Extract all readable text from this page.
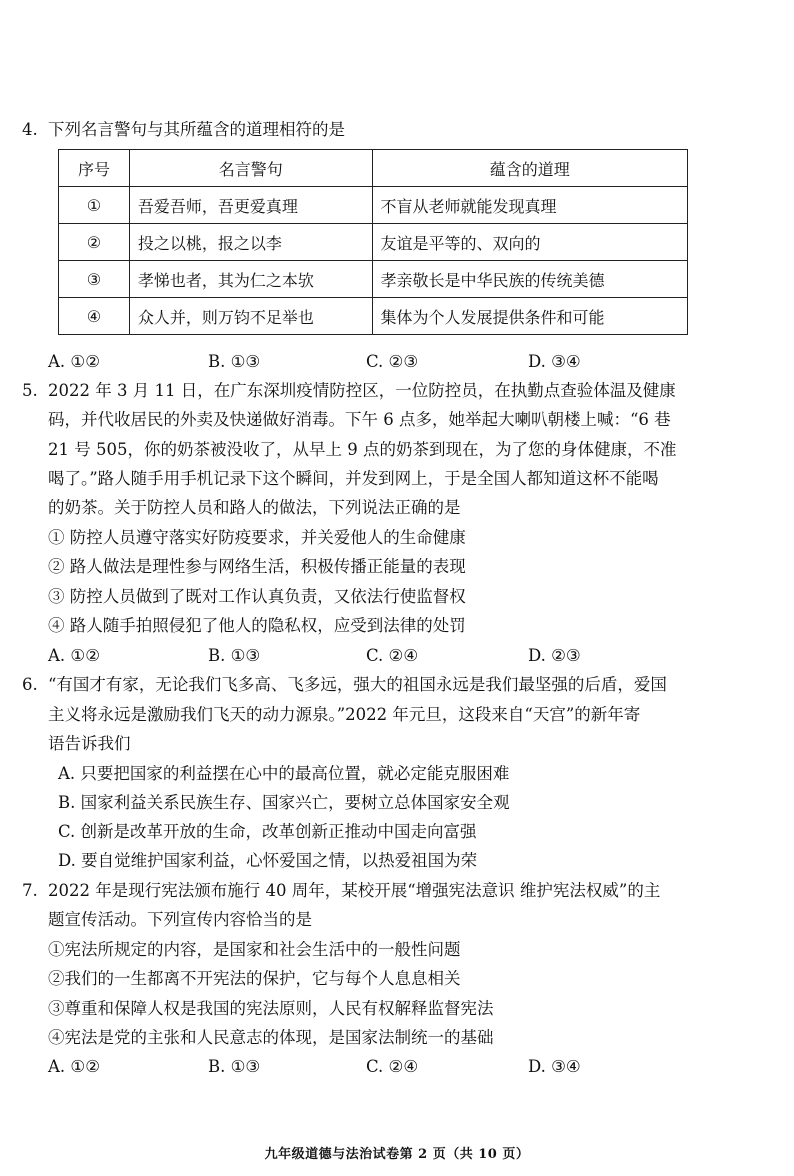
4. 下列名言警句与其所蕴含的道理相符的是
序号	名言警句	蕴含的道理
①	吾爱吾师，吾更爱真理	不盲从老师就能发现真理
②	投之以桃，报之以李	友谊是平等的、双向的
③	孝悌也者，其为仁之本欤	孝亲敬长是中华民族的传统美德
④	众人并，则万钧不足举也	集体为个人发展提供条件和可能
A. ①②	B. ①③	C. ②③	D. ③④
5. 2022 年 3 月 11 日，在广东深圳疫情防控区，一位防控员，在执勤点查验体温及健康
码，并代收居民的外卖及快递做好消毒。下午 6 点多，她举起大喇叭朝楼上喊：“6 巷
21 号 505，你的奶茶被没收了，从早上 9 点的奶茶到现在，为了您的身体健康，不准
喝了。”路人随手用手机记录下这个瞬间，并发到网上，于是全国人都知道这杯不能喝
的奶茶。关于防控人员和路人的做法，下列说法正确的是
① 防控人员遵守落实好防疫要求，并关爱他人的生命健康
② 路人做法是理性参与网络生活，积极传播正能量的表现
③ 防控人员做到了既对工作认真负责，又依法行使监督权
④ 路人随手拍照侵犯了他人的隐私权，应受到法律的处罚
A. ①②	B. ①③	C. ②④	D. ②③
6. “有国才有家，无论我们飞多高、飞多远，强大的祖国永远是我们最坚强的后盾，爱国
主义将永远是激励我们飞天的动力源泉。”2022 年元旦，这段来自“天宫”的新年寄
语告诉我们
A. 只要把国家的利益摆在心中的最高位置，就必定能克服困难
B. 国家利益关系民族生存、国家兴亡，要树立总体国家安全观
C. 创新是改革开放的生命，改革创新正推动中国走向富强
D. 要自觉维护国家利益，心怀爱国之情，以热爱祖国为荣
7. 2022 年是现行宪法颁布施行 40 周年，某校开展“增强宪法意识 维护宪法权威”的主
题宣传活动。下列宣传内容恰当的是
①宪法所规定的内容，是国家和社会生活中的一般性问题
②我们的一生都离不开宪法的保护，它与每个人息息相关
③尊重和保障人权是我国的宪法原则，人民有权解释监督宪法
④宪法是党的主张和人民意志的体现，是国家法制统一的基础
A. ①②	B. ①③	C. ②④	D. ③④
九年级道德与法治试卷第 2 页（共 10 页）
